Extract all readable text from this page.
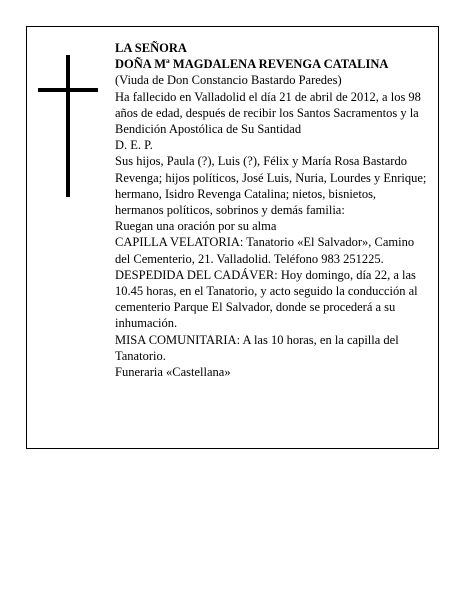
LA SEÑORA

DOÑA Mª MAGDALENA REVENGA CATALINA

(Viuda de Don Constancio Bastardo Paredes)

Ha fallecido en Valladolid el día 21 de abril de 2012, a los 98 años de edad, después de recibir los Santos Sacramentos y la Bendición Apostólica de Su Santidad

D. E. P.

Sus hijos, Paula (?), Luis (?), Félix y María Rosa Bastardo Revenga; hijos políticos, José Luis, Nuria, Lourdes y Enrique; hermano, Isidro Revenga Catalina; nietos, bisnietos, hermanos políticos, sobrinos y demás familia:

Ruegan una oración por su alma

CAPILLA VELATORIA: Tanatorio «El Salvador», Camino del Cementerio, 21. Valladolid. Teléfono 983 251225.

DESPEDIDA DEL CADÁVER: Hoy domingo, día 22, a las 10.45 horas, en el Tanatorio, y acto seguido la conducción al cementerio Parque El Salvador, donde se procederá a su inhumación.

MISA COMUNITARIA: A las 10 horas, en la capilla del Tanatorio.

Funeraria «Castellana»
